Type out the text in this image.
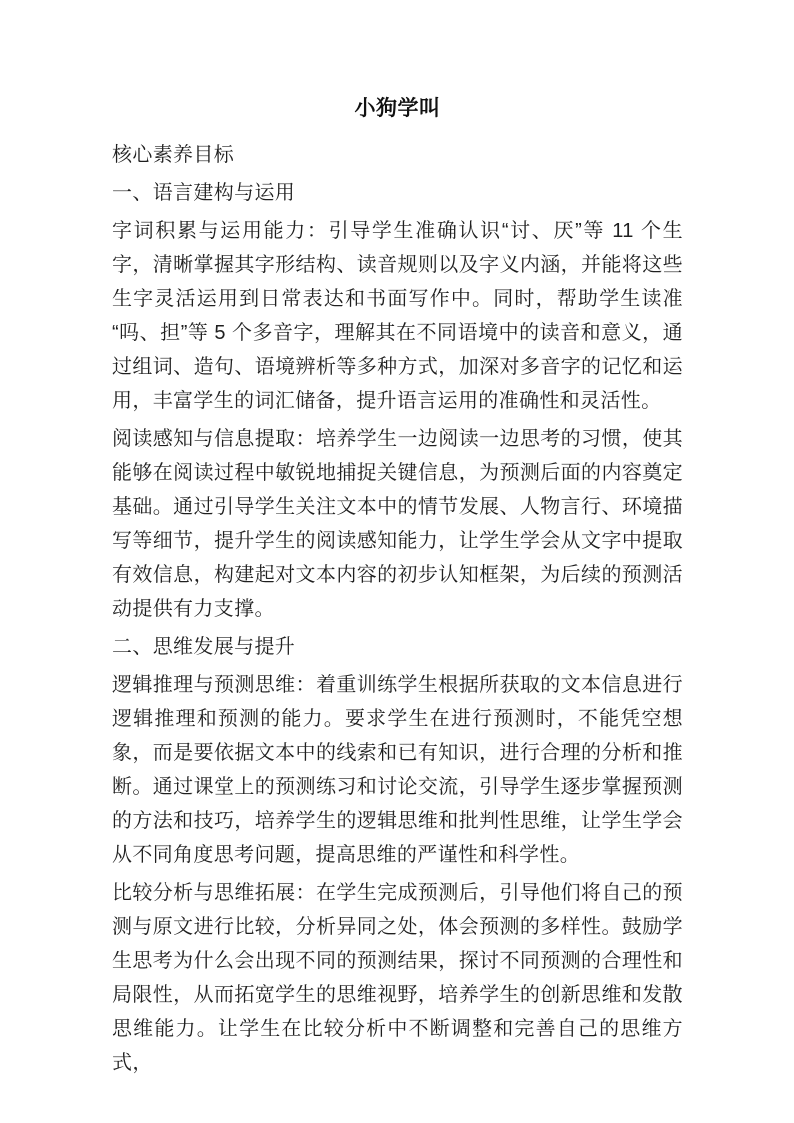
小狗学叫

核心素养目标

一、语言建构与运用

字词积累与运用能力：引导学生准确认识“讨、厌”等 11 个生字，清晰掌握其字形结构、读音规则以及字义内涵，并能将这些生字灵活运用到日常表达和书面写作中。同时，帮助学生读准“吗、担”等 5 个多音字，理解其在不同语境中的读音和意义，通过组词、造句、语境辨析等多种方式，加深对多音字的记忆和运用，丰富学生的词汇储备，提升语言运用的准确性和灵活性。

阅读感知与信息提取：培养学生一边阅读一边思考的习惯，使其能够在阅读过程中敏锐地捕捉关键信息，为预测后面的内容奠定基础。通过引导学生关注文本中的情节发展、人物言行、环境描写等细节，提升学生的阅读感知能力，让学生学会从文字中提取有效信息，构建起对文本内容的初步认知框架，为后续的预测活动提供有力支撑。

二、思维发展与提升

逻辑推理与预测思维：着重训练学生根据所获取的文本信息进行逻辑推理和预测的能力。要求学生在进行预测时，不能凭空想象，而是要依据文本中的线索和已有知识，进行合理的分析和推断。通过课堂上的预测练习和讨论交流，引导学生逐步掌握预测的方法和技巧，培养学生的逻辑思维和批判性思维，让学生学会从不同角度思考问题，提高思维的严谨性和科学性。

比较分析与思维拓展：在学生完成预测后，引导他们将自己的预测与原文进行比较，分析异同之处，体会预测的多样性。鼓励学生思考为什么会出现不同的预测结果，探讨不同预测的合理性和局限性，从而拓宽学生的思维视野，培养学生的创新思维和发散思维能力。让学生在比较分析中不断调整和完善自己的思维方式，
